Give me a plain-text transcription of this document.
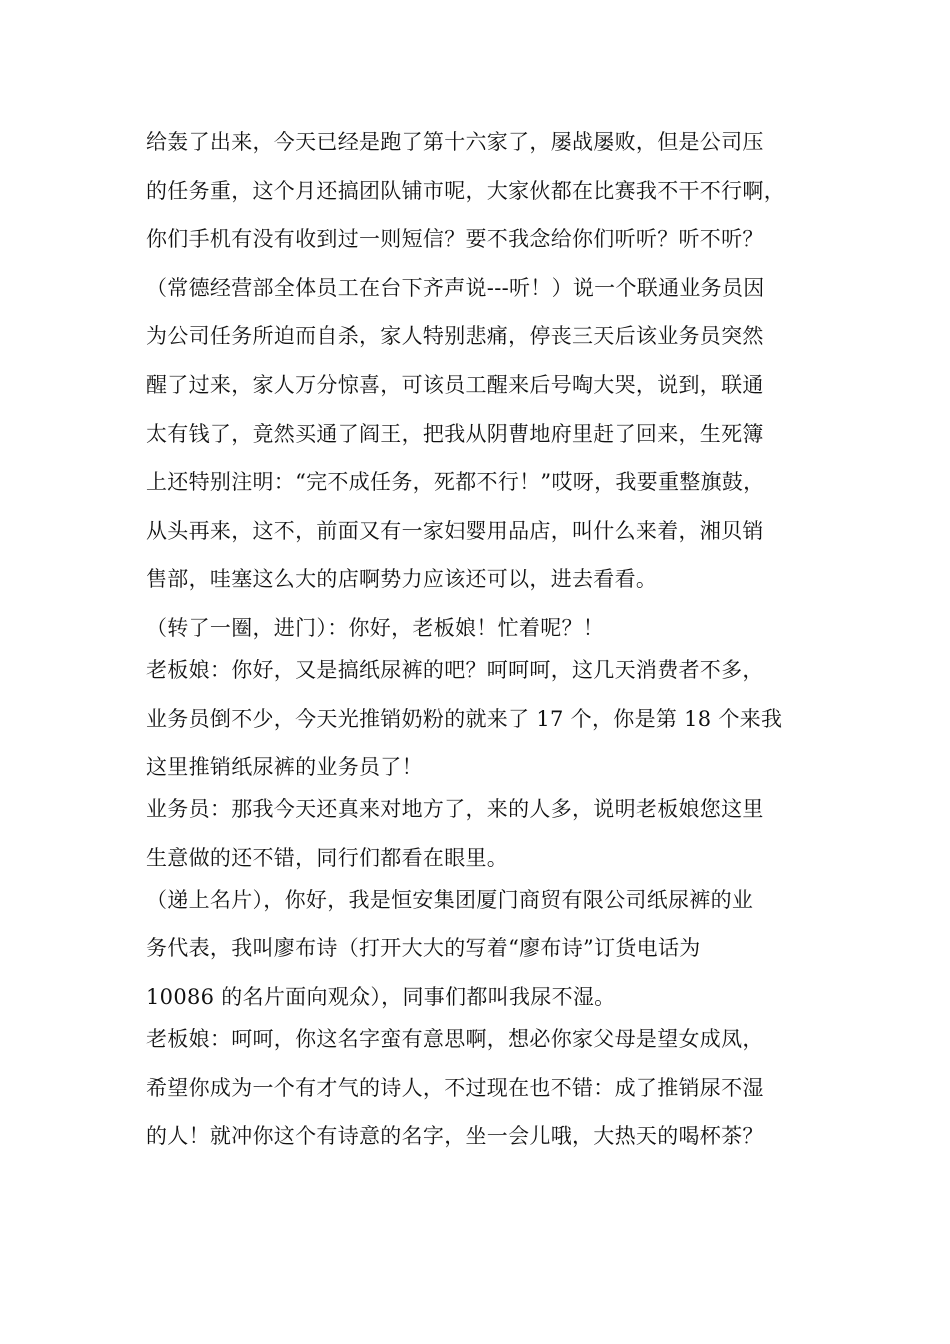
给轰了出来，今天已经是跑了第十六家了，屡战屡败，但是公司压
的任务重，这个月还搞团队铺市呢，大家伙都在比赛我不干不行啊，
你们手机有没有收到过一则短信？要不我念给你们听听？听不听？
（常德经营部全体员工在台下齐声说---听！）说一个联通业务员因
为公司任务所迫而自杀，家人特别悲痛，停丧三天后该业务员突然
醒了过来，家人万分惊喜，可该员工醒来后号啕大哭，说到，联通
太有钱了，竟然买通了阎王，把我从阴曹地府里赶了回来，生死簿
上还特别注明：“完不成任务，死都不行！”哎呀，我要重整旗鼓，
从头再来，这不，前面又有一家妇婴用品店，叫什么来着，湘贝销
售部，哇塞这么大的店啊势力应该还可以，进去看看。
（转了一圈，进门）：你好，老板娘！忙着呢？！
老板娘：你好，又是搞纸尿裤的吧？呵呵呵，这几天消费者不多，
业务员倒不少，今天光推销奶粉的就来了 17 个，你是第 18 个来我
这里推销纸尿裤的业务员了！
业务员：那我今天还真来对地方了，来的人多，说明老板娘您这里
生意做的还不错，同行们都看在眼里。
（递上名片），你好，我是恒安集团厦门商贸有限公司纸尿裤的业
务代表，我叫廖布诗（打开大大的写着“廖布诗”订货电话为
10086 的名片面向观众），同事们都叫我尿不湿。
老板娘：呵呵，你这名字蛮有意思啊，想必你家父母是望女成凤，
希望你成为一个有才气的诗人，不过现在也不错：成了推销尿不湿
的人！就冲你这个有诗意的名字，坐一会儿哦，大热天的喝杯茶？
